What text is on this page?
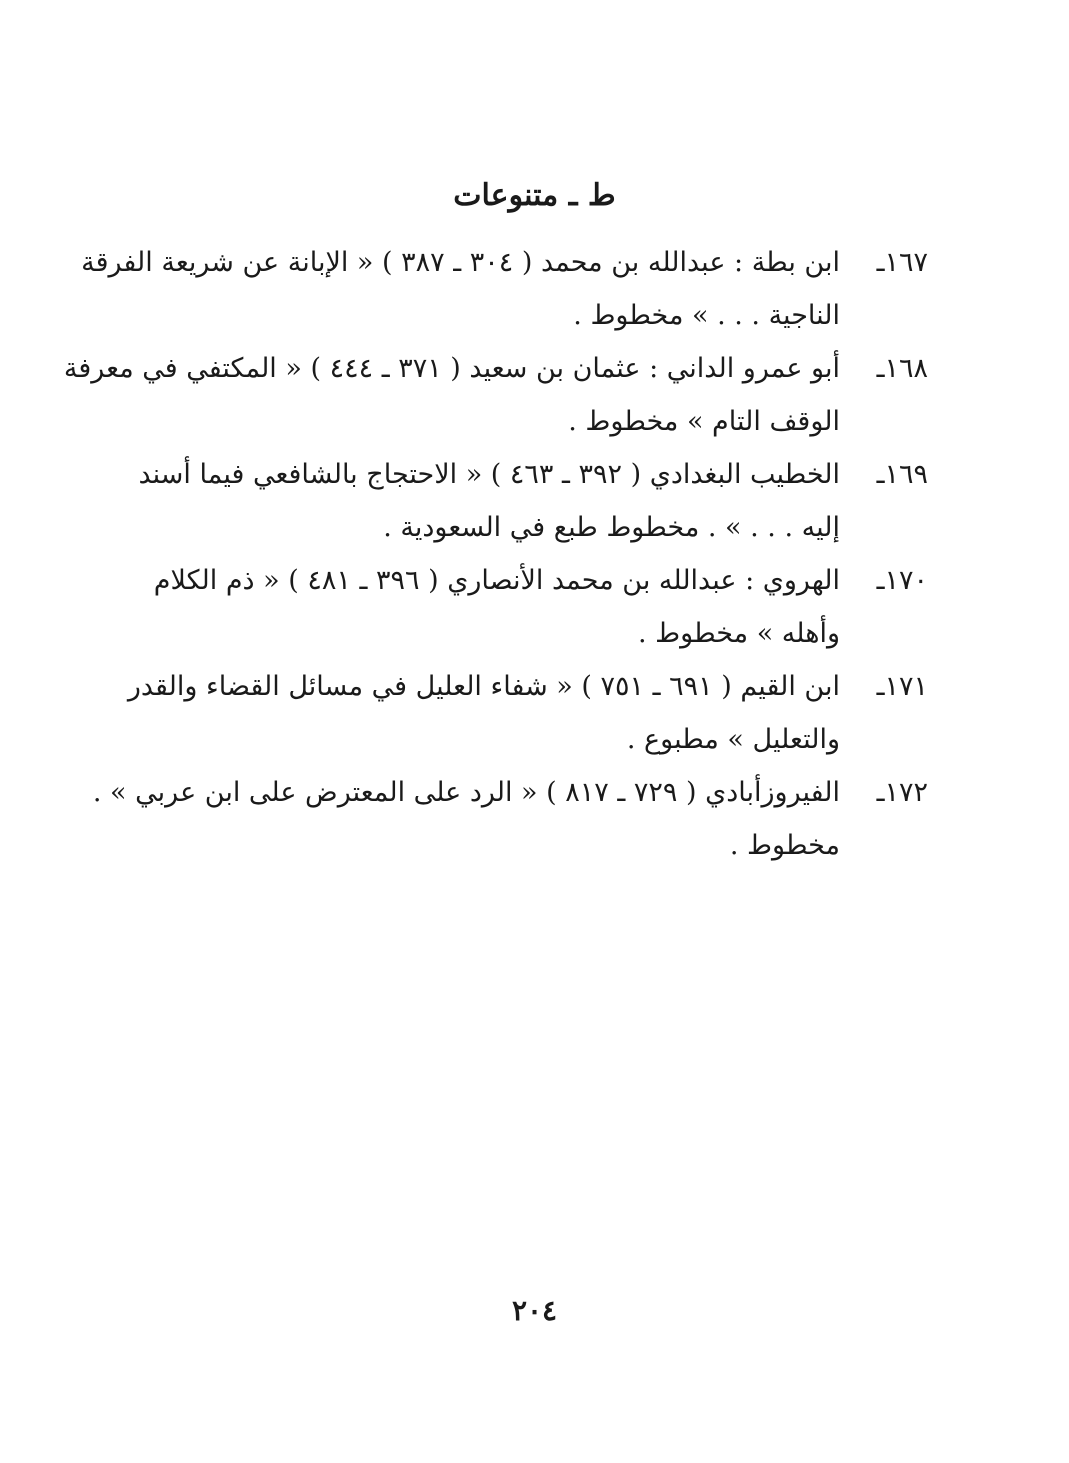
ط ـ متنوعات
١٦٧ـ
ابن بطة : عبدالله بن محمد ( ٣٠٤ ـ ٣٨٧ ) « الإبانة عن شريعة الفرقة
الناجية . . . » مخطوط .
١٦٨ـ
أبو عمرو الداني : عثمان بن سعيد ( ٣٧١ ـ ٤٤٤ ) « المكتفي في معرفة
الوقف التام » مخطوط .
١٦٩ـ
الخطيب البغدادي ( ٣٩٢ ـ ٤٦٣ ) « الاحتجاج بالشافعي فيما أسند
إليه . . . » . مخطوط طبع في السعودية .
١٧٠ـ
الهروي : عبدالله بن محمد الأنصاري ( ٣٩٦ ـ ٤٨١ ) « ذم الكلام
وأهله » مخطوط .
١٧١ـ
ابن القيم ( ٦٩١ ـ ٧٥١ ) « شفاء العليل في مسائل القضاء والقدر
والتعليل » مطبوع .
١٧٢ـ
الفيروزأبادي ( ٧٢٩ ـ ٨١٧ ) « الرد على المعترض على ابن عربي » .
مخطوط .
٢٠٤
